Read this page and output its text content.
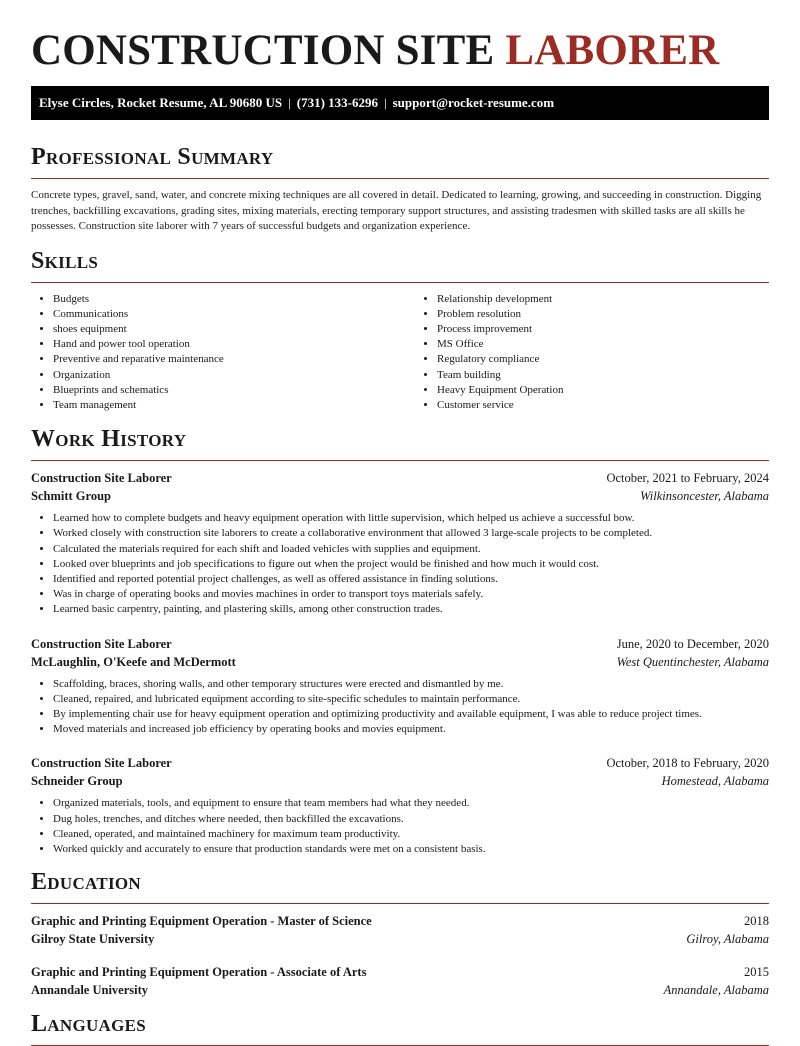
CONSTRUCTION SITE LABORER
Elyse Circles, Rocket Resume, AL 90680 US | (731) 133-6296 | support@rocket-resume.com
Professional Summary

Concrete types, gravel, sand, water, and concrete mixing techniques are all covered in detail. Dedicated to learning, growing, and succeeding in construction. Digging trenches, backfilling excavations, grading sites, mixing materials, erecting temporary support structures, and assisting tradesmen with skilled tasks are all skills he possesses. Construction site laborer with 7 years of successful budgets and organization experience.

Skills
• Budgets
• Communications
• shoes equipment
• Hand and power tool operation
• Preventive and reparative maintenance
• Organization
• Blueprints and schematics
• Team management
• Relationship development
• Problem resolution
• Process improvement
• MS Office
• Regulatory compliance
• Team building
• Heavy Equipment Operation
• Customer service
Work History
Construction Site Laborer	October, 2021 to February, 2024
Schmitt Group	Wilkinsoncester, Alabama
• Learned how to complete budgets and heavy equipment operation with little supervision, which helped us achieve a successful bow.
• Worked closely with construction site laborers to create a collaborative environment that allowed 3 large-scale projects to be completed.
• Calculated the materials required for each shift and loaded vehicles with supplies and equipment.
• Looked over blueprints and job specifications to figure out when the project would be finished and how much it would cost.
• Identified and reported potential project challenges, as well as offered assistance in finding solutions.
• Was in charge of operating books and movies machines in order to transport toys materials safely.
• Learned basic carpentry, painting, and plastering skills, among other construction trades.
Construction Site Laborer	June, 2020 to December, 2020
McLaughlin, O'Keefe and McDermott	West Quentinchester, Alabama
• Scaffolding, braces, shoring walls, and other temporary structures were erected and dismantled by me.
• Cleaned, repaired, and lubricated equipment according to site-specific schedules to maintain performance.
• By implementing chair use for heavy equipment operation and optimizing productivity and available equipment, I was able to reduce project times.
• Moved materials and increased job efficiency by operating books and movies equipment.
Construction Site Laborer	October, 2018 to February, 2020
Schneider Group	Homestead, Alabama
• Organized materials, tools, and equipment to ensure that team members had what they needed.
• Dug holes, trenches, and ditches where needed, then backfilled the excavations.
• Cleaned, operated, and maintained machinery for maximum team productivity.
• Worked quickly and accurately to ensure that production standards were met on a consistent basis.
Education
Graphic and Printing Equipment Operation - Master of Science	2018
Gilroy State University	Gilroy, Alabama
Graphic and Printing Equipment Operation - Associate of Arts	2015
Annandale University	Annandale, Alabama
Languages
